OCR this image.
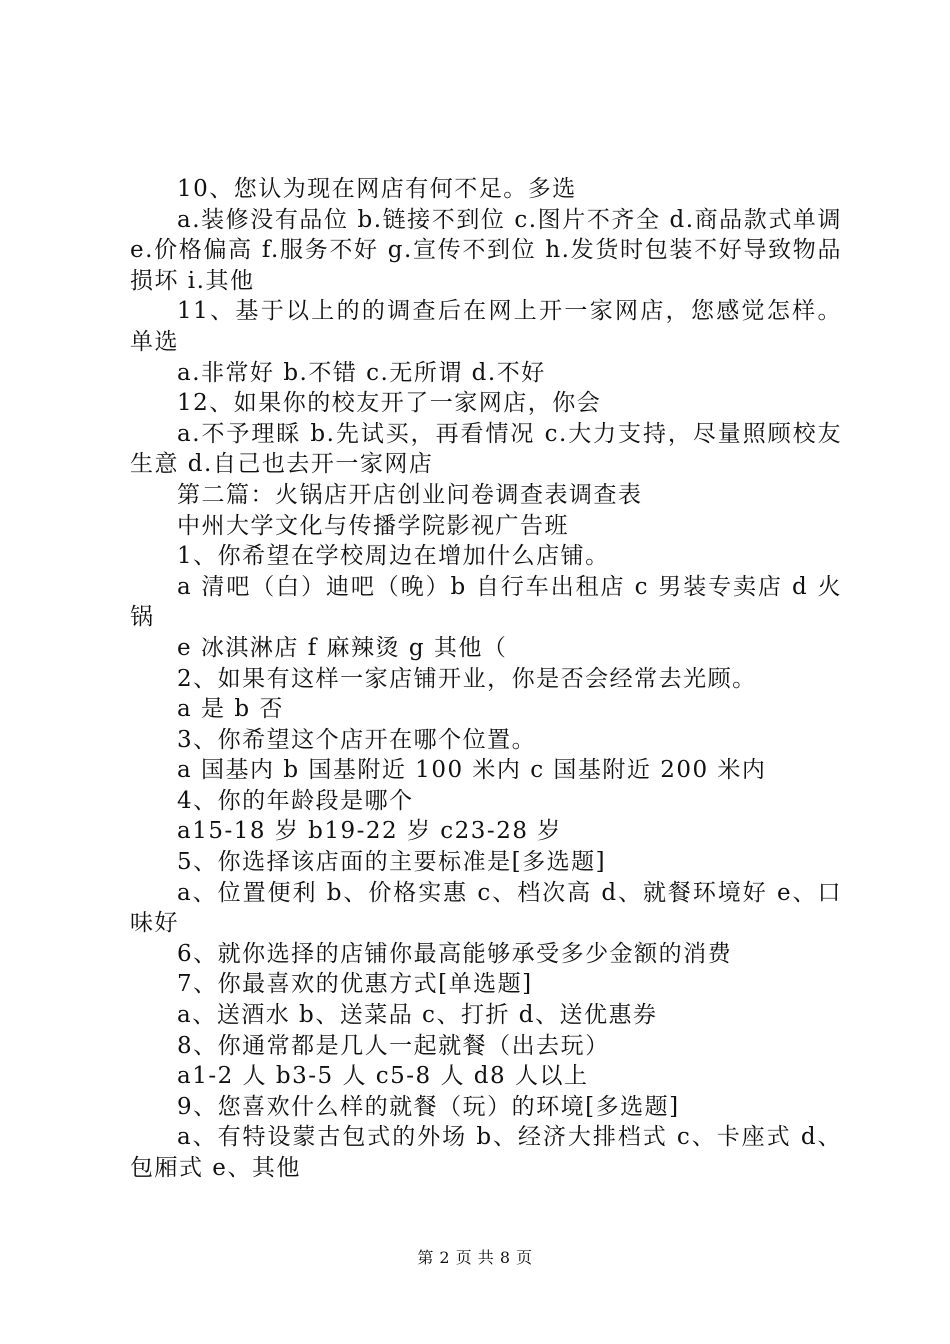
10、您认为现在网店有何不足。多选

a.装修没有品位 b.链接不到位 c.图片不齐全 d.商品款式单调 e.价格偏高 f.服务不好 g.宣传不到位 h.发货时包装不好导致物品损坏 i.其他

11、基于以上的的调查后在网上开一家网店，您感觉怎样。单选

a.非常好 b.不错 c.无所谓 d.不好

12、如果你的校友开了一家网店，你会

a.不予理睬 b.先试买，再看情况 c.大力支持，尽量照顾校友生意 d.自己也去开一家网店

第二篇：火锅店开店创业问卷调查表调查表

中州大学文化与传播学院影视广告班

1、你希望在学校周边在增加什么店铺。

a 清吧（白）迪吧（晚）b 自行车出租店 c 男装专卖店 d 火锅

e 冰淇淋店 f 麻辣烫 g 其他（

2、如果有这样一家店铺开业，你是否会经常去光顾。

a 是 b 否

3、你希望这个店开在哪个位置。

a 国基内 b 国基附近 100 米内 c 国基附近 200 米内

4、你的年龄段是哪个

a15-18 岁 b19-22 岁 c23-28 岁

5、你选择该店面的主要标准是[多选题]

a、位置便利 b、价格实惠 c、档次高 d、就餐环境好 e、口味好

6、就你选择的店铺你最高能够承受多少金额的消费

7、你最喜欢的优惠方式[单选题]

a、送酒水 b、送菜品 c、打折 d、送优惠券

8、你通常都是几人一起就餐（出去玩）

a1-2 人 b3-5 人 c5-8 人 d8 人以上

9、您喜欢什么样的就餐（玩）的环境[多选题]

a、有特设蒙古包式的外场 b、经济大排档式 c、卡座式 d、包厢式 e、其他

第 2 页 共 8 页
